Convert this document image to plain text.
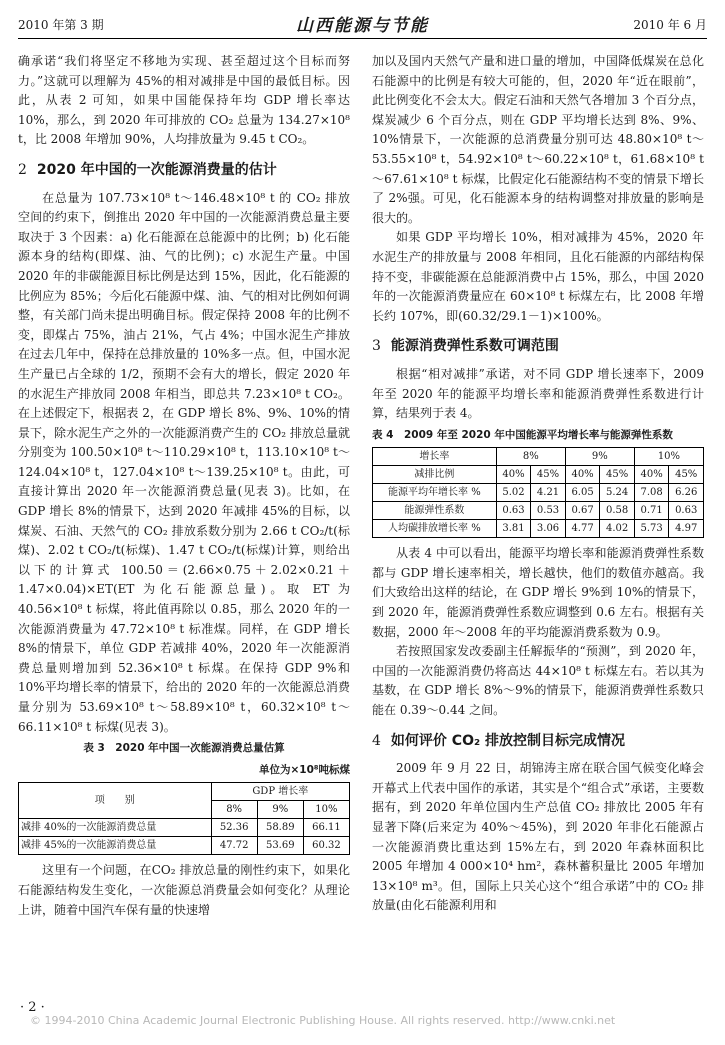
2010 年第 3 期	山西能源与节能	2010 年 6 月

确承诺“我们将坚定不移地为实现、甚至超过这个目标而努力。”这就可以理解为 45%的相对减排是中国的最低目标。因此，从表 2 可知，如果中国能保持年均 GDP 增长率达 10%，那么，到 2020 年可排放的 CO₂ 总量为 134.27×10⁸ t，比 2008 年增加 90%，人均排放量为 9.45 t CO₂。

2 2020 年中国的一次能源消费量的估计

在总量为 107.73×10⁸ t～146.48×10⁸ t 的 CO₂ 排放空间的约束下，倒推出 2020 年中国的一次能源消费总量主要取决于 3 个因素：a) 化石能源在总能源中的比例；b) 化石能源本身的结构(即煤、油、气的比例)；c) 水泥生产量。中国 2020 年的非碳能源目标比例是达到 15%，因此，化石能源的比例应为 85%；今后化石能源中煤、油、气的相对比例如何调整，有关部门尚未提出明确目标。假定保持 2008 年的比例不变，即煤占 75%，油占 21%，气占 4%；中国水泥生产排放在过去几年中，保持在总排放量的 10%多一点。但，中国水泥生产量已占全球的 1/2，预期不会有大的增长，假定 2020 年的水泥生产排放同 2008 年相当，即总共 7.23×10⁸ t CO₂。在上述假定下，根据表 2，在 GDP 增长 8%、9%、10%的情景下，除水泥生产之外的一次能源消费产生的 CO₂ 排放总量就分别变为 100.50×10⁸ t～110.29×10⁸ t，113.10×10⁸ t～124.04×10⁸ t，127.04×10⁸ t～139.25×10⁸ t。由此，可直接计算出 2020 年一次能源消费总量(见表 3)。比如，在 GDP 增长 8%的情景下，达到 2020 年减排 45%的目标，以煤炭、石油、天然气的 CO₂ 排放系数分别为 2.66 t CO₂/t(标煤)、2.02 t CO₂/t(标煤)、1.47 t CO₂/t(标煤)计算，则给出以下的计算式 100.50＝(2.66×0.75＋2.02×0.21＋1.47×0.04)×ET(ET 为化石能源总量)。取 ET 为 40.56×10⁸ t 标煤，将此值再除以 0.85，那么 2020 年的一次能源消费量为 47.72×10⁸ t 标准煤。同样，在 GDP 增长 8%的情景下，单位 GDP 若减排 40%，2020 年一次能源消费总量则增加到 52.36×10⁸ t 标煤。在保持 GDP 9%和 10%平均增长率的情景下，给出的 2020 年的一次能源总消费量分别为 53.69×10⁸ t～58.89×10⁸ t，60.32×10⁸ t～66.11×10⁸ t 标煤(见表 3)。

表 3　2020 年中国一次能源消费总量估算
单位为×10⁸吨标煤
项　　别	GDP 增长率		
	8%	9%	10%
减排 40%的一次能源消费总量	52.36	58.89	66.11
减排 45%的一次能源消费总量	47.72	53.69	60.32

这里有一个问题，在CO₂ 排放总量的刚性约束下，如果化石能源结构发生变化，一次能源总消费量会如何变化？从理论上讲，随着中国汽车保有量的快速增

加以及国内天然气产量和进口量的增加，中国降低煤炭在总化石能源中的比例是有较大可能的，但，2020 年“近在眼前”，此比例变化不会太大。假定石油和天然气各增加 3 个百分点，煤炭减少 6 个百分点，则在 GDP 平均增长达到 8%、9%、10%情景下，一次能源的总消费量分别可达 48.80×10⁸ t～53.55×10⁸ t，54.92×10⁸ t～60.22×10⁸ t，61.68×10⁸ t～67.61×10⁸ t 标煤，比假定化石能源结构不变的情景下增长了 2%强。可见，化石能源本身的结构调整对排放量的影响是很大的。

如果 GDP 平均增长 10%，相对减排为 45%，2020 年水泥生产的排放量与 2008 年相同，且化石能源的内部结构保持不变，非碳能源在总能源消费中占 15%，那么，中国 2020 年的一次能源消费量应在 60×10⁸ t 标煤左右，比 2008 年增长约 107%，即(60.32/29.1－1)×100%。

3 能源消费弹性系数可调范围

根据“相对减排”承诺，对不同 GDP 增长速率下，2009 年至 2020 年的能源平均增长率和能源消费弹性系数进行计算，结果列于表 4。

表 4　2009 年至 2020 年中国能源平均增长率与能源弹性系数
增长率	8%		9%		10%	
减排比例	40%	45%	40%	45%	40%	45%
能源平均年增长率 %	5.02	4.21	6.05	5.24	7.08	6.26
能源弹性系数	0.63	0.53	0.67	0.58	0.71	0.63
人均碳排放增长率 %	3.81	3.06	4.77	4.02	5.73	4.97

从表 4 中可以看出，能源平均增长率和能源消费弹性系数都与 GDP 增长速率相关，增长越快，他们的数值亦越高。我们大致给出这样的结论，在 GDP 增长 9%到 10%的情景下，到 2020 年，能源消费弹性系数应调整到 0.6 左右。根据有关数据，2000 年～2008 年的平均能源消费系数为 0.9。

若按照国家发改委副主任解振华的“预测”，到 2020 年，中国的一次能源消费仍将高达 44×10⁸ t 标煤左右。若以其为基数，在 GDP 增长 8%～9%的情景下，能源消费弹性系数只能在 0.39～0.44 之间。

4 如何评价 CO₂ 排放控制目标完成情况

2009 年 9 月 22 日，胡锦涛主席在联合国气候变化峰会开幕式上代表中国作的承诺，其实是个“组合式”承诺，主要数据有，到 2020 年单位国内生产总值 CO₂ 排放比 2005 年有显著下降(后来定为 40%～45%)，到 2020 年非化石能源占一次能源消费比重达到 15%左右，到 2020 年森林面积比 2005 年增加 4 000×10⁴ hm²，森林蓄积量比 2005 年增加 13×10⁸ m³。但，国际上只关心这个“组合承诺”中的 CO₂ 排放量(由化石能源利用和

· 2 ·
© 1994-2010 China Academic Journal Electronic Publishing House. All rights reserved. http://www.cnki.net
